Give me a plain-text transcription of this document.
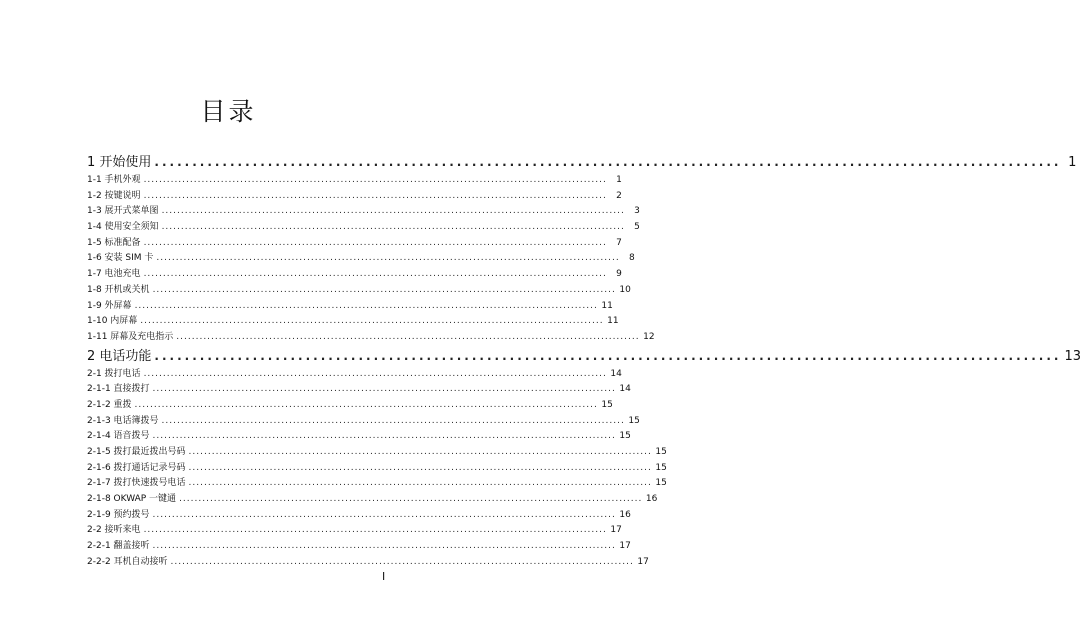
目录
1 开始使用 ........................................................................................................................ 1
1-1 手机外观 ........................................................................................................................	1
1-2 按键说明 ........................................................................................................................	2
1-3 展开式菜单图 ........................................................................................................................	3
1-4 使用安全须知 ........................................................................................................................	5
1-5 标准配备 ........................................................................................................................	7
1-6 安装 SIM 卡 ........................................................................................................................	8
1-7 电池充电 ........................................................................................................................	9
1-8 开机或关机 ........................................................................................................................ 10
1-9 外屏幕 ........................................................................................................................ 11
1-10 内屏幕 ........................................................................................................................ 11
1-11 屏幕及充电指示 ........................................................................................................................ 12
2 电话功能 ........................................................................................................................ 13
2-1 拨打电话 ........................................................................................................................ 14
2-1-1 直接拨打 ........................................................................................................................ 14
2-1-2 重拨 ........................................................................................................................ 15
2-1-3 电话簿拨号 ........................................................................................................................ 15
2-1-4 语音拨号 ........................................................................................................................ 15
2-1-5 拨打最近拨出号码 ........................................................................................................................ 15
2-1-6 拨打通话记录号码 ........................................................................................................................ 15
2-1-7 拨打快速拨号电话 ........................................................................................................................ 15
2-1-8 OKWAP 一键通 ........................................................................................................................ 16
2-1-9 预约拨号 ........................................................................................................................ 16
2-2 接听来电 ........................................................................................................................ 17
2-2-1 翻盖接听 ........................................................................................................................ 17
2-2-2 耳机自动接听 ........................................................................................................................ 17
I
